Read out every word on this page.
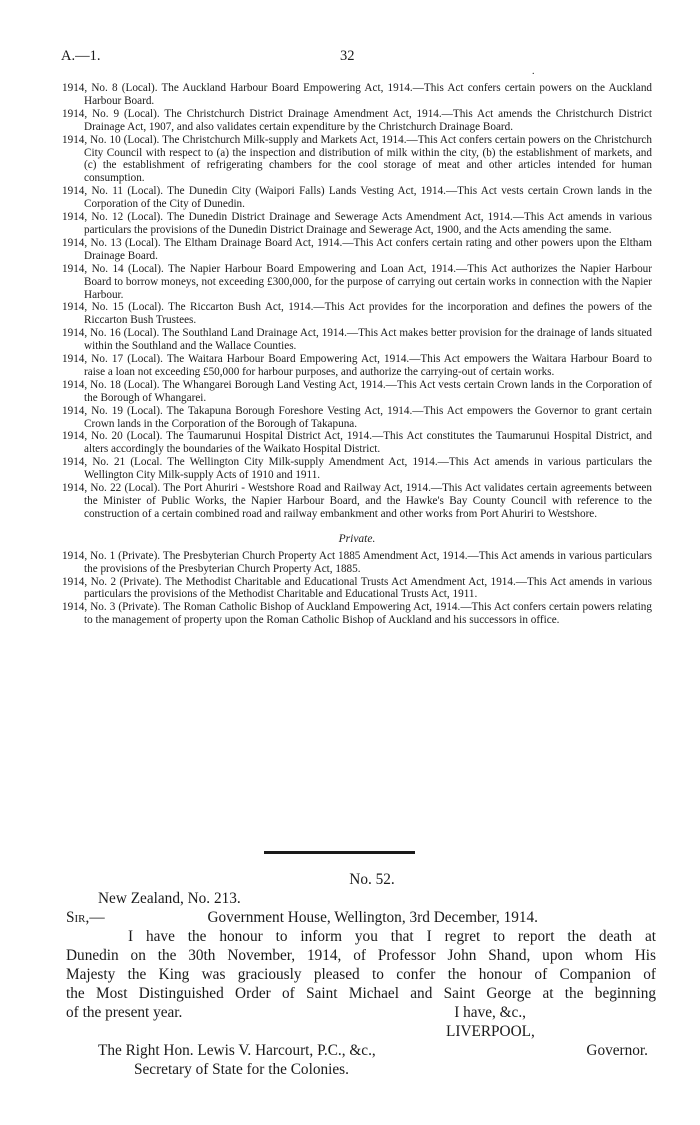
A.—1.	32
.

1914, No. 8 (Local). The Auckland Harbour Board Empowering Act, 1914.—This Act confers certain powers on the Auckland Harbour Board.

1914, No. 9 (Local). The Christchurch District Drainage Amendment Act, 1914.—This Act amends the Christchurch District Drainage Act, 1907, and also validates certain expenditure by the Christchurch Drainage Board.

1914, No. 10 (Local). The Christchurch Milk-supply and Markets Act, 1914.—This Act confers certain powers on the Christchurch City Council with respect to (a) the inspection and distribution of milk within the city, (b) the establishment of markets, and (c) the establishment of refrigerating chambers for the cool storage of meat and other articles intended for human consumption.

1914, No. 11 (Local). The Dunedin City (Waipori Falls) Lands Vesting Act, 1914.—This Act vests certain Crown lands in the Corporation of the City of Dunedin.

1914, No. 12 (Local). The Dunedin District Drainage and Sewerage Acts Amendment Act, 1914.—This Act amends in various particulars the provisions of the Dunedin District Drainage and Sewerage Act, 1900, and the Acts amending the same.

1914, No. 13 (Local). The Eltham Drainage Board Act, 1914.—This Act confers certain rating and other powers upon the Eltham Drainage Board.

1914, No. 14 (Local). The Napier Harbour Board Empowering and Loan Act, 1914.—This Act authorizes the Napier Harbour Board to borrow moneys, not exceeding £300,000, for the purpose of carrying out certain works in connection with the Napier Harbour.

1914, No. 15 (Local). The Riccarton Bush Act, 1914.—This Act provides for the incorporation and defines the powers of the Riccarton Bush Trustees.

1914, No. 16 (Local). The Southland Land Drainage Act, 1914.—This Act makes better provision for the drainage of lands situated within the Southland and the Wallace Counties.

1914, No. 17 (Local). The Waitara Harbour Board Empowering Act, 1914.—This Act empowers the Waitara Harbour Board to raise a loan not exceeding £50,000 for harbour purposes, and authorize the carrying-out of certain works.

1914, No. 18 (Local). The Whangarei Borough Land Vesting Act, 1914.—This Act vests certain Crown lands in the Corporation of the Borough of Whangarei.

1914, No. 19 (Local). The Takapuna Borough Foreshore Vesting Act, 1914.—This Act empowers the Governor to grant certain Crown lands in the Corporation of the Borough of Takapuna.

1914, No. 20 (Local). The Taumarunui Hospital District Act, 1914.—This Act constitutes the Taumarunui Hospital District, and alters accordingly the boundaries of the Waikato Hospital District.

1914, No. 21 (Local. The Wellington City Milk-supply Amendment Act, 1914.—This Act amends in various particulars the Wellington City Milk-supply Acts of 1910 and 1911.

1914, No. 22 (Local). The Port Ahuriri - Westshore Road and Railway Act, 1914.—This Act validates certain agreements between the Minister of Public Works, the Napier Harbour Board, and the Hawke's Bay County Council with reference to the construction of a certain combined road and railway embankment and other works from Port Ahuriri to Westshore.

Private.

1914, No. 1 (Private). The Presbyterian Church Property Act 1885 Amendment Act, 1914.—This Act amends in various particulars the provisions of the Presbyterian Church Property Act, 1885.

1914, No. 2 (Private). The Methodist Charitable and Educational Trusts Act Amendment Act, 1914.—This Act amends in various particulars the provisions of the Methodist Charitable and Educational Trusts Act, 1911.

1914, No. 3 (Private). The Roman Catholic Bishop of Auckland Empowering Act, 1914.—This Act confers certain powers relating to the management of property upon the Roman Catholic Bishop of Auckland and his successors in office.

No. 52.
New Zealand, No. 213.
Sir,—	Government House, Wellington, 3rd December, 1914.
I have the honour to inform you that I regret to report the death at
Dunedin on the 30th November, 1914, of Professor John Shand, upon whom His
Majesty the King was graciously pleased to confer the honour of Companion of
the Most Distinguished Order of Saint Michael and Saint George at the beginning
of the present year.	I have, &c.,
LIVERPOOL,
The Right Hon. Lewis V. Harcourt, P.C., &c.,	Governor.
Secretary of State for the Colonies.
